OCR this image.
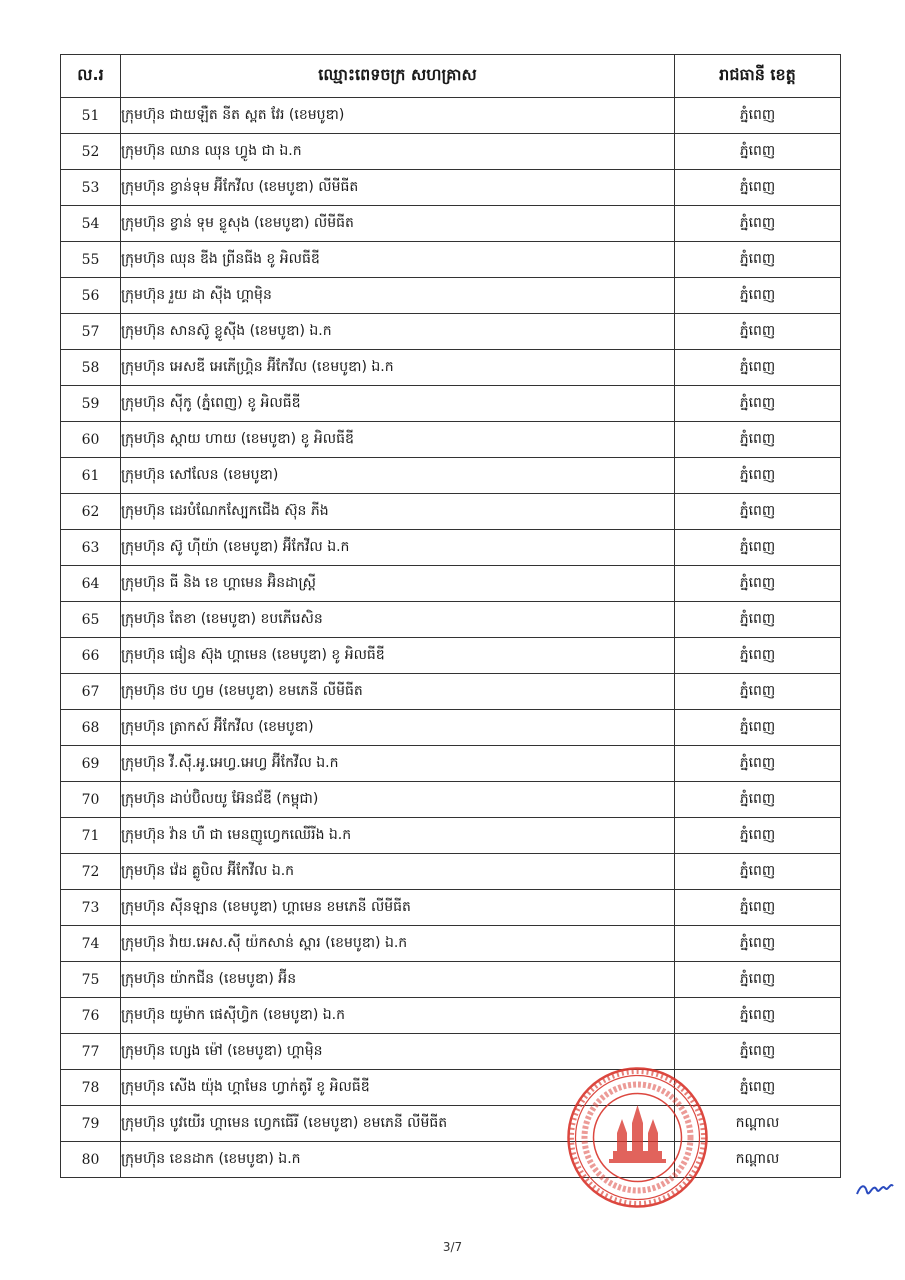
ល.រ	ឈ្មោះពេទចក្រ សហគ្រាស	រាជធានី ខេត្ត
51	ក្រុមហ៊ុន ជាយឡឺត នីត ស្ពត វែរ (ខេមបូឌា)	ភ្នំពេញ
52	ក្រុមហ៊ុន ឈាន ឈុន ហ្វូង ជា ឯ.ក	ភ្នំពេញ
53	ក្រុមហ៊ុន ខ្វាន់ទុម អ៊ីកែវីល (ខេមបូឌា) លីមីធីត	ភ្នំពេញ
54	ក្រុមហ៊ុន ខ្វាន់ ទុម ខ្លូសុង (ខេមបូឌា) លីមីធីត	ភ្នំពេញ
55	ក្រុមហ៊ុន ឈុន ឌីង ព្រីនធីង ខូ អិលធីឌី	ភ្នំពេញ
56	ក្រុមហ៊ុន រួយ ដា ស៊ីង ហ្គាម៉ិន	ភ្នំពេញ
57	ក្រុមហ៊ុន សានស៊ូ ខ្លូស៊ីង (ខេមបូឌា) ឯ.ក	ភ្នំពេញ
58	ក្រុមហ៊ុន អេសឌី អេភើហ្គ្រិន អ៊ីកែវីល (ខេមបូឌា) ឯ.ក	ភ្នំពេញ
59	ក្រុមហ៊ុន ស៊ីកូ (ភ្នំពេញ) ខូ អិលធីឌី	ភ្នំពេញ
60	ក្រុមហ៊ុន ស្កាយ ហាយ (ខេមបូឌា) ខូ អិលធីឌី	ភ្នំពេញ
61	ក្រុមហ៊ុន សៅលែន (ខេមបូឌា)	ភ្នំពេញ
62	ក្រុមហ៊ុន ដេរបំណែកស្បែកជើង ស៊ុន ភីង	ភ្នំពេញ
63	ក្រុមហ៊ុន ស៊ូ ហ៊ីយ៉ា (ខេមបូឌា) អ៊ីកែវីល ឯ.ក	ភ្នំពេញ
64	ក្រុមហ៊ុន ធី និង ខេ ហ្គាមេន អ៊ិនដាស្ត្រី	ភ្នំពេញ
65	ក្រុមហ៊ុន តែខា (ខេមបូឌា) ខបភើរេសិន	ភ្នំពេញ
66	ក្រុមហ៊ុន ផៀន ស៊ុង ហ្គាមេន (ខេមបូឌា) ខូ អិលធីឌី	ភ្នំពេញ
67	ក្រុមហ៊ុន ថប ហ្វម (ខេមបូឌា) ខមភេនី លីមីធីត	ភ្នំពេញ
68	ក្រុមហ៊ុន ត្រាកស៍ អ៊ីកែវីល (ខេមបូឌា)	ភ្នំពេញ
69	ក្រុមហ៊ុន វី.ស៊ី.អូ.អេហ្វ.អេហ្វ អ៊ីកែវីល ឯ.ក	ភ្នំពេញ
70	ក្រុមហ៊ុន ដាប់ប៊ិលយូ អ៊ែនជ័ឌី (កម្ពុជា)	ភ្នំពេញ
71	ក្រុមហ៊ុន វ៉ាន ហឺ ជា មេនញូហ្វេកឈើរីង ឯ.ក	ភ្នំពេញ
72	ក្រុមហ៊ុន វ៉េដ គ្លូបិល អ៊ីកែវីល ឯ.ក	ភ្នំពេញ
73	ក្រុមហ៊ុន ស៊ីនឡាន (ខេមបូឌា) ហ្គាមេន ខមភេនី លីមីធីត	ភ្នំពេញ
74	ក្រុមហ៊ុន វ៉ាយ.អេស.ស៊ី យ៉កសាន់ ស្ពារ (ខេមបូឌា) ឯ.ក	ភ្នំពេញ
75	ក្រុមហ៊ុន យ៉ាកជីន (ខេមបូឌា) អ៊ីន	ភ្នំពេញ
76	ក្រុមហ៊ុន យូម៉ាក ផេស៊ីហ្វិក (ខេមបូឌា) ឯ.ក	ភ្នំពេញ
77	ក្រុមហ៊ុន ហ្សេង ម៉ៅ (ខេមបូឌា) ហ្គាម៉ិន	ភ្នំពេញ
78	ក្រុមហ៊ុន សេីង យ៉ុង ហ្គាមែន ហ្វាក់តូរី ខូ អិលធីឌី	ភ្នំពេញ
79	ក្រុមហ៊ុន បូវយើរ ហ្គាមេន ហ្វេកធើរី (ខេមបូឌា) ខមភេនី លីមីធីត	កណ្ដាល
80	ក្រុមហ៊ុន ខេនដាក (ខេមបូឌា) ឯ.ក	កណ្ដាល
3/7
